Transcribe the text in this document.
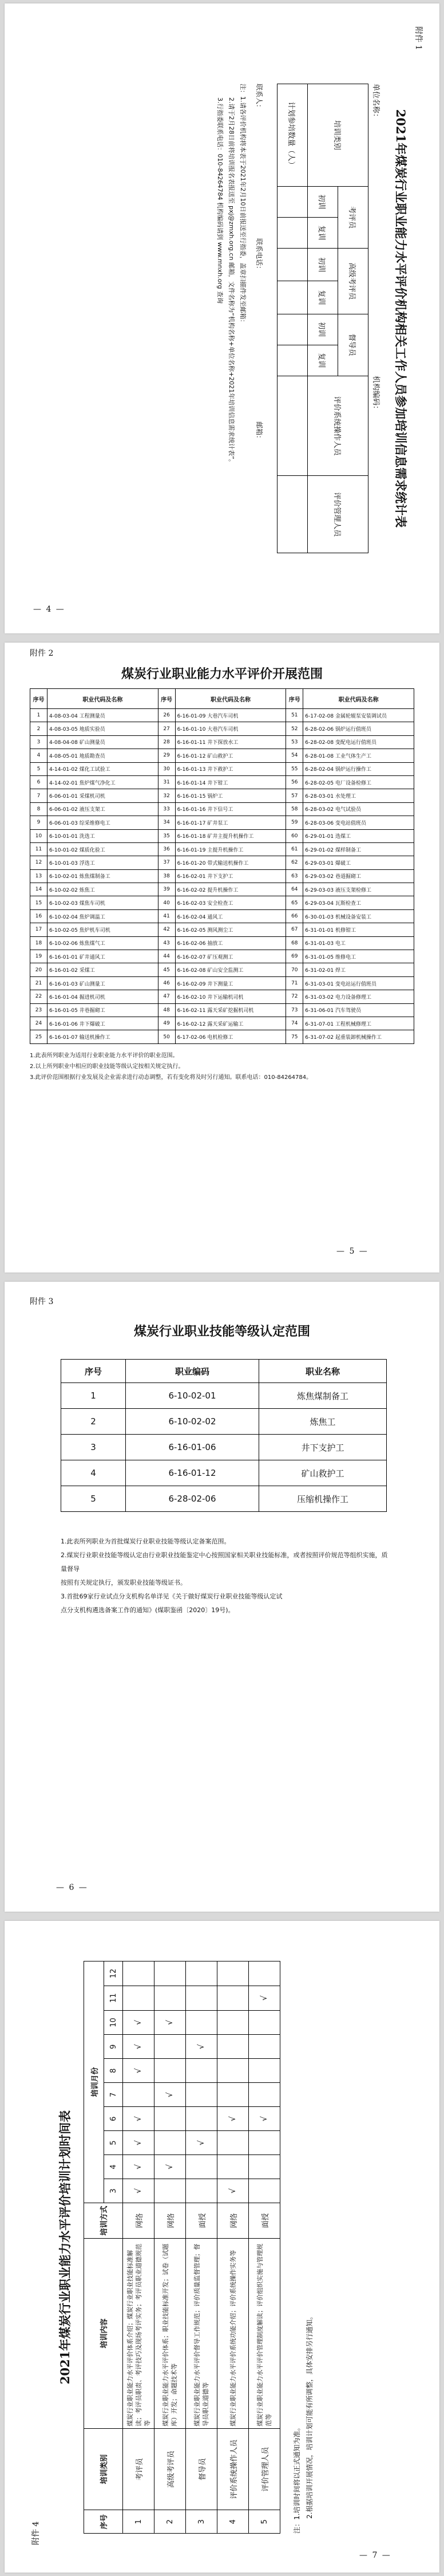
附件 1
2021年煤炭行业职业能力水平评价机构相关工作人员参加培训信息需求统计表
单位名称：
机构编码：
培训类别	考评员		高级考评员		督导员		评价系统操作人员	评价管理人员
	初训	复训	初训	复训	初训	复训		
计划参培数量（人）								
联系人：
联系电话：
邮箱：
注：1.请各评价机构将本表于2021年2月10日前报送至行指委，盖章扫描件发至邮箱：
2.请于2月28日前将培训报名表报送至 pxj@zmxh.org.cn 邮箱，文件名称为“机构名称+单位名称+2021年培训信息需求统计表”。
3.行指委联系电话：010-84264784 机构编码请到 www.mnxh.org 查询
— 4 —
附件 2
煤炭行业职业能力水平评价开展范围
序号	职业代码及名称	序号	职业代码及名称	序号	职业代码及名称
1	4-08-03-04 工程测量员	26	6-16-01-09 大巷汽车司机	51	6-17-02-08 金属轮辊泵安装调试员
2	4-08-03-05 地质实验员	27	6-16-01-10 大巷汽车司机	52	6-28-02-06 锅炉运行值班员
3	4-08-04-08 矿山测量员	28	6-16-01-11 井下探放水工	53	6-28-02-08 变配电运行值班员
4	4-08-05-01 地质勘查员	29	6-16-01-12 矿山救护工	54	6-28-01-08 工业气体生产工
5	4-14-01-02 煤化工试验工	30	6-16-01-13 井下救护工	55	6-28-02-04 锅炉运行操作工
6	4-14-02-01 焦炉煤气净化工	31	6-16-01-14 井下钳工	56	6-28-02-05 电厂设备检修工
7	6-06-01-01 采煤机司机	32	6-16-01-15 锅炉工	57	6-28-03-01 水处理工
8	6-06-01-02 液压支架工	33	6-16-01-16 井下信号工	58	6-28-03-02 电气试验员
9	6-06-01-03 综采维修电工	34	6-16-01-17 矿井泵工	59	6-28-03-06 变电站值班员
10	6-10-01-01 洗选工	35	6-16-01-18 矿井主提升机操作工	60	6-29-01-01 选煤工
11	6-10-01-02 煤质化验工	36	6-16-01-19 主提升机操作工	61	6-29-01-02 煤样制备工
12	6-10-01-03 浮选工	37	6-16-01-20 带式输送机操作工	62	6-29-03-01 爆破工
13	6-10-02-01 炼焦煤制备工	38	6-16-02-01 井下支护工	63	6-29-03-02 巷道掘砌工
14	6-10-02-02 炼焦工	39	6-16-02-02 提升机操作工	64	6-29-03-03 液压支架检修工
15	6-10-02-03 煤焦车司机	40	6-16-02-03 安全检查工	65	6-29-03-04 瓦斯检查工
16	6-10-02-04 焦炉调温工	41	6-16-02-04 通风工	66	6-30-01-03 机械设备安装工
17	6-10-02-05 焦炉机车司机	42	6-16-02-05 测风测尘工	67	6-31-01-01 机修钳工
18	6-10-02-06 炼焦煤气工	43	6-16-02-06 抽放工	68	6-31-01-03 电工
19	6-16-01-01 矿井通风工	44	6-16-02-07 矿压观测工	69	6-31-01-05 维修电工
20	6-16-01-02 采煤工	45	6-16-02-08 矿山安全监测工	70	6-31-02-01 焊工
21	6-16-01-03 矿山测量工	46	6-16-02-09 井下测量工	71	6-31-03-01 变电站运行值班员
22	6-16-01-04 掘进机司机	47	6-16-02-10 井下运输机司机	72	6-31-03-02 电力设备修理工
23	6-16-01-05 井巷掘砌工	48	6-16-02-11 露天采矿挖掘机司机	73	6-31-06-01 汽车驾驶员
24	6-16-01-06 井下爆破工	49	6-16-02-12 露天采矿运输工	74	6-31-07-01 工程机械修理工
25	6-16-01-07 输送机操作工	50	6-17-02-06 电机检修工	75	6-31-07-02 起重装卸机械操作工
1.此表所列职业为适用行业职业能力水平评价的职业范围。
2.以上所列职业中相应的职业技能等级认定按相关规定执行。
3.此评价范围根据行业发展及企业需求进行动态调整，若有变化将及时另行通知。联系电话：010-84264784。
— 5 —
附件 3
煤炭行业职业技能等级认定范围
序号	职业编码	职业名称
1	6-10-02-01	炼焦煤制备工
2	6-10-02-02	炼焦工
3	6-16-01-06	井下支护工
4	6-16-01-12	矿山救护工
5	6-28-02-06	压缩机操作工
1.此表所列职业为首批煤炭行业职业技能等级认定备案范围。
2.煤炭行业职业技能等级认定由行业职业技能鉴定中心按照国家相关职业技能标准，或者按照评价规范等组织实施，质量督导
按照有关规定执行，颁发职业技能等级证书。
3.首批69家行业试点分支机构名单详见《关于做好煤炭行业职业技能等级认定试
点分支机构遴选备案工作的通知》(煤职鉴函〔2020〕19号)。
— 6 —
附件 4
2021年煤炭行业职业能力水平评价培训计划时间表
序号	培训类别	培训内容	培训方式	培训月份									
				3	4	5	6	7	8	9	10	11	12
1	考评员	煤炭行业职业能力水平评价体系介绍；煤炭行业职业技能标准解读；考评员职责、考评技巧及现场考评实务；考评员职业道德规范等	网络	√	√	√	√		√	√	√		
2	高级考评员	煤炭行业职业能力水平评价体系；职业技能标准开发；试卷（试题库）开发；命题技术等	网络		√			√			√		
3	督导员	煤炭行业职业能力水平评价督导工作规范；评价质量监督管理；督导员职业道德等	面授			√				√			
4	评价系统操作人员	煤炭行业职业能力水平评价系统功能介绍；评价系统操作实务等	网络	√			√						
5	评价管理人员	煤炭行业职业能力水平评价管理制度解读；评价组织实施与管理规范等	面授				√					√	
注：1.培训时间将以正式通知为准。 2.根据培训开展情况，培训计划可能有所调整，具体安排另行通知。
— 7 —
